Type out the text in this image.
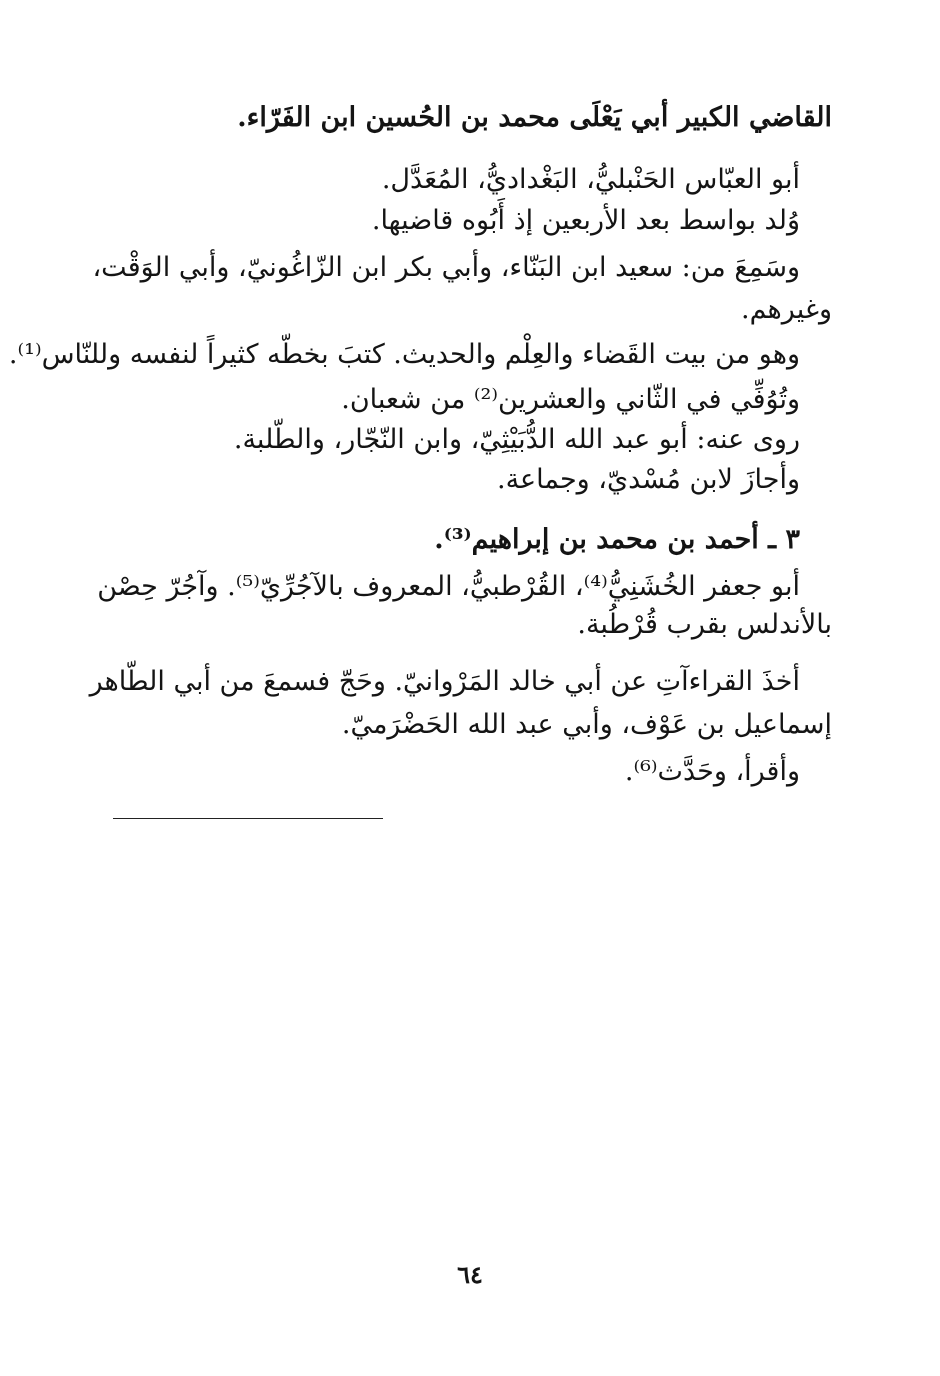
القاضي الكبير أبي يَعْلَى محمد بن الحُسين ابن الفَرّاء.
أبو العبّاس الحَنْبليُّ، البَغْداديُّ، المُعَدَّل.
وُلد بواسط بعد الأربعين إذ أَبُوه قاضيها.
وسَمِعَ من: سعيد ابن البَنّاء، وأبي بكر ابن الزّاغُونيّ، وأبي الوَقْت،
وغيرهم.
وهو من بيت القَضاء والعِلْم والحديث. كتبَ بخطّه كثيراً لنفسه وللنّاس⁽¹⁾.
وتُوُفِّي في الثّاني والعشرين⁽²⁾ من شعبان.
روى عنه: أبو عبد الله الدُّبَيْثِيّ، وابن النّجّار، والطّلبة.
وأجازَ لابن مُسْديّ، وجماعة.
٣ ـ أحمد بن محمد بن إبراهيم⁽³⁾.
أبو جعفر الخُشَنِيُّ⁽⁴⁾، القُرْطبيُّ، المعروف بالآجُرِّيّ⁽⁵⁾. وآجُرّ حِصْن
بالأندلس بقرب قُرْطُبة.
أخذَ القراءآتِ عن أبي خالد المَرْوانيّ. وحَجّ فسمعَ من أبي الطّاهر
إسماعيل بن عَوْف، وأبي عبد الله الحَضْرَميّ.
وأقرأ، وحَدَّث⁽⁶⁾.
٦٤
